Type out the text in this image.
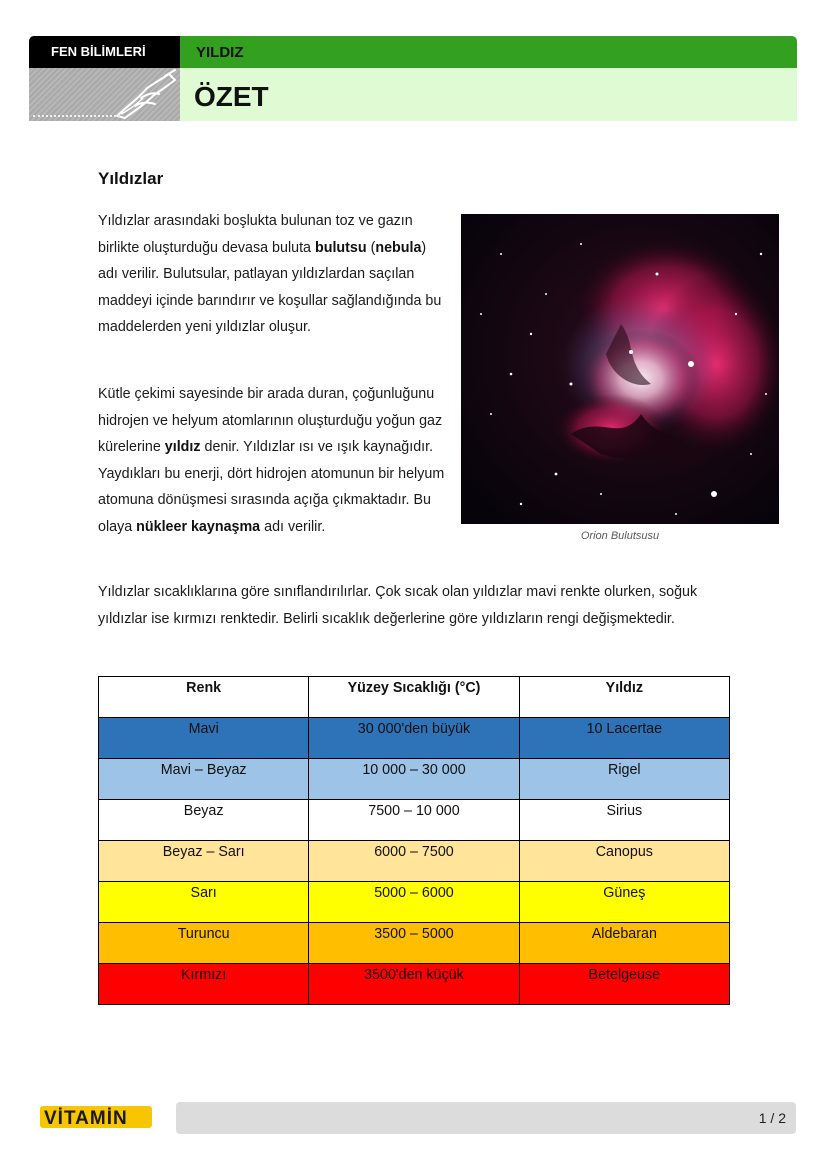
FEN BİLİMLERİ	YILDIZ
ÖZET
Yıldızlar
Yıldızlar arasındaki boşlukta bulunan toz ve gazın birlikte oluşturduğu devasa buluta bulutsu (nebula) adı verilir. Bulutsular, patlayan yıldızlardan saçılan maddeyi içinde barındırır ve koşullar sağlandığında bu maddelerden yeni yıldızlar oluşur.
Kütle çekimi sayesinde bir arada duran, çoğunluğunu hidrojen ve helyum atomlarının oluşturduğu yoğun gaz kürelerine yıldız denir. Yıldızlar ısı ve ışık kaynağıdır. Yaydıkları bu enerji, dört hidrojen atomunun bir helyum atomuna dönüşmesi sırasında açığa çıkmaktadır. Bu olaya nükleer kaynaşma adı verilir.
Orion Bulutsusu
Yıldızlar sıcaklıklarına göre sınıflandırılırlar. Çok sıcak olan yıldızlar mavi renkte olurken, soğuk yıldızlar ise kırmızı renktedir. Belirli sıcaklık değerlerine göre yıldızların rengi değişmektedir.
Renk	Yüzey Sıcaklığı (°C)	Yıldız
Mavi	30 000'den büyük	10 Lacertae
Mavi – Beyaz	10 000 – 30 000	Rigel
Beyaz	7500 – 10 000	Sirius
Beyaz – Sarı	6000 – 7500	Canopus
Sarı	5000 – 6000	Güneş
Turuncu	3500 – 5000	Aldebaran
Kırmızı	3500'den küçük	Betelgeuse
VİTAMİN	1 / 2
